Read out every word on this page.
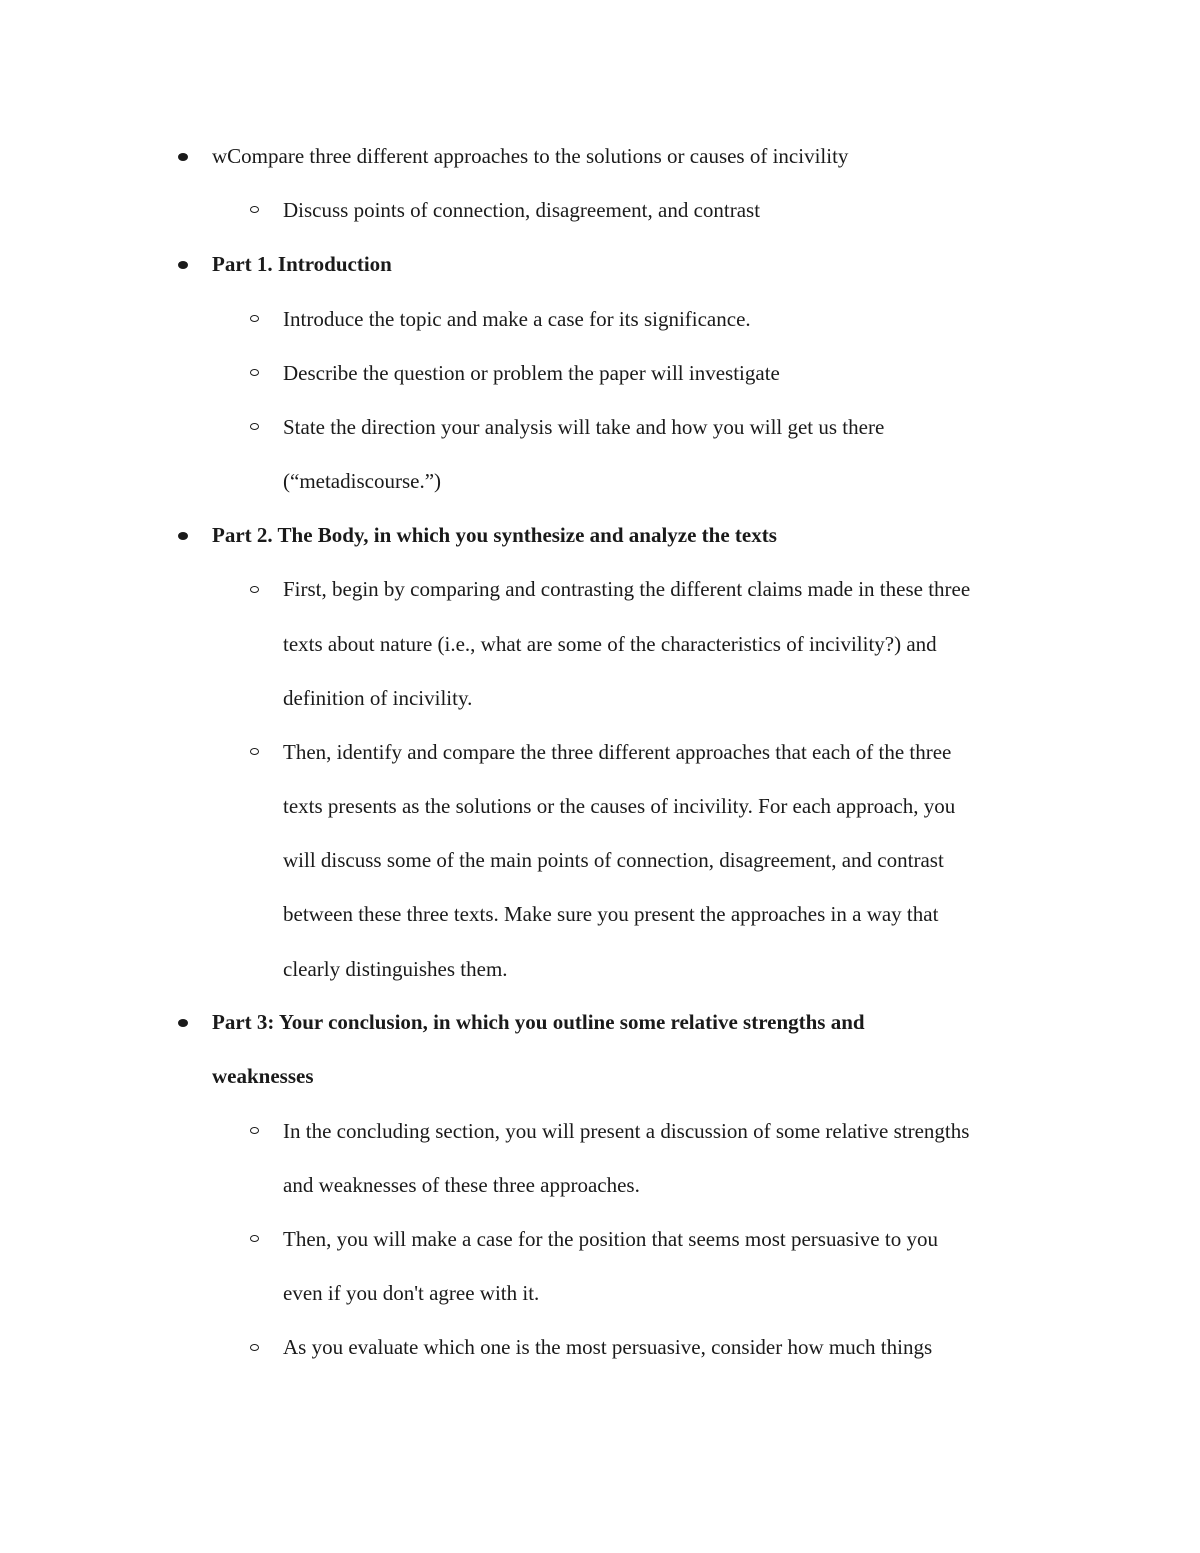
wCompare three different approaches to the solutions or causes of incivility
Discuss points of connection, disagreement, and contrast
Part 1. Introduction
Introduce the topic and make a case for its significance.
Describe the question or problem the paper will investigate
State the direction your analysis will take and how you will get us there
(“metadiscourse.”)
Part 2. The Body, in which you synthesize and analyze the texts
First, begin by comparing and contrasting the different claims made in these three
texts about nature (i.e., what are some of the characteristics of incivility?) and
definition of incivility.
Then, identify and compare the three different approaches that each of the three
texts presents as the solutions or the causes of incivility. For each approach, you
will discuss some of the main points of connection, disagreement, and contrast
between these three texts. Make sure you present the approaches in a way that
clearly distinguishes them.
Part 3: Your conclusion, in which you outline some relative strengths and
weaknesses
In the concluding section, you will present a discussion of some relative strengths
and weaknesses of these three approaches.
Then, you will make a case for the position that seems most persuasive to you
even if you don't agree with it.
As you evaluate which one is the most persuasive, consider how much things
